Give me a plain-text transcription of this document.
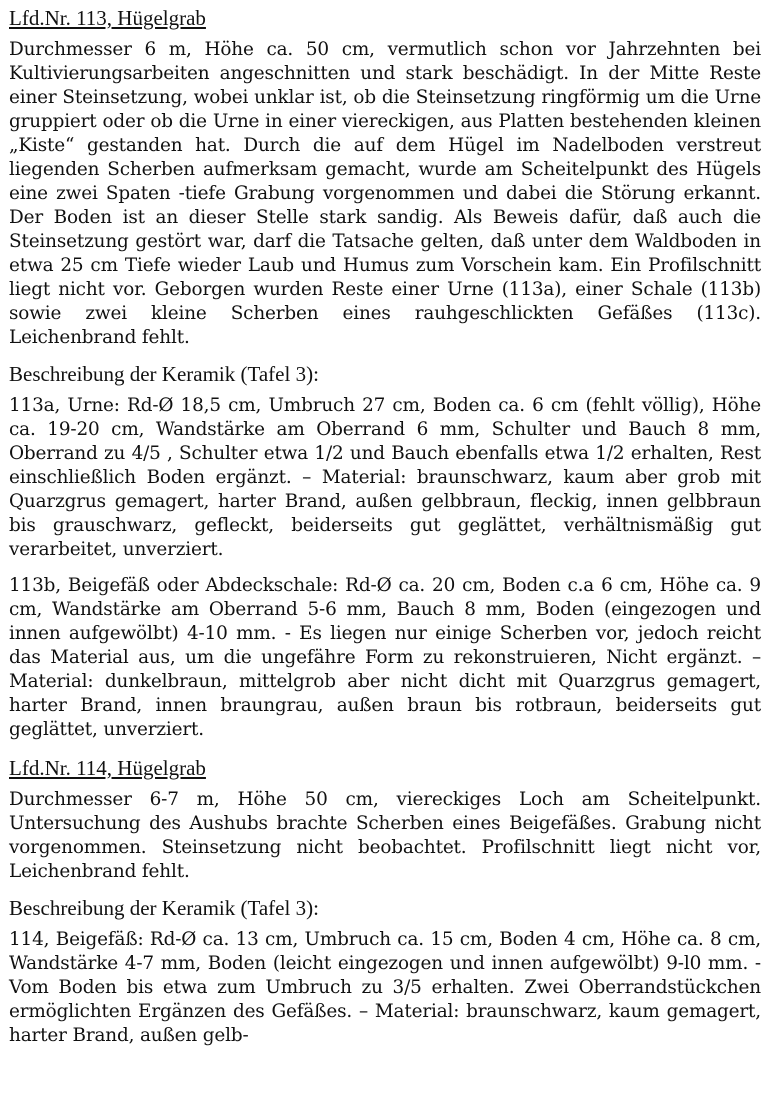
Lfd.Nr. 113, Hügelgrab

Durchmesser 6 m, Höhe ca. 50 cm, vermutlich schon vor Jahrzehnten bei Kultivierungsarbeiten angeschnitten und stark beschädigt. In der Mitte Reste einer Steinsetzung, wobei unklar ist, ob die Steinsetzung ringförmig um die Urne gruppiert oder ob die Urne in einer viereckigen, aus Platten bestehenden kleinen „Kiste“ gestanden hat. Durch die auf dem Hügel im Nadelboden verstreut liegenden Scherben aufmerksam gemacht, wurde am Scheitelpunkt des Hügels eine zwei Spaten ‐tiefe Grabung vorgenommen und dabei die Störung erkannt. Der Boden ist an dieser Stelle stark sandig. Als Beweis dafür, daß auch die Steinsetzung gestört war, darf die Tatsache gelten, daß unter dem Waldboden in etwa 25 cm Tiefe wieder Laub und Humus zum Vorschein kam. Ein Profilschnitt liegt nicht vor. Geborgen wurden Reste einer Urne (113a), einer Schale (113b) sowie zwei kleine Scherben eines rauhgeschlickten Gefäßes (113c). Leichenbrand fehlt.

Beschreibung der Keramik (Tafel 3):

113a, Urne: Rd-Ø 18,5 cm, Umbruch 27 cm, Boden ca. 6 cm (fehlt völlig), Höhe ca. 19-20 cm, Wandstärke am Oberrand 6 mm, Schulter und Bauch 8 mm, Oberrand zu 4/5 , Schulter etwa 1/2 und Bauch ebenfalls etwa 1/2 erhalten, Rest einschließlich Boden ergänzt. – Material: braunschwarz, kaum aber grob mit Quarzgrus gemagert, harter Brand, außen gelbbraun, fleckig, innen gelbbraun bis grauschwarz, gefleckt, beiderseits gut geglättet, verhältnismäßig gut verarbeitet, unverziert.

113b, Beigefäß oder Abdeckschale: Rd-Ø ca. 20 cm, Boden c.a 6 cm, Höhe ca. 9 cm, Wandstärke am Oberrand 5-6 mm, Bauch 8 mm, Boden (eingezogen und innen aufgewölbt) 4-10 mm. - Es liegen nur einige Scherben vor, jedoch reicht das Material aus, um die ungefähre Form zu rekonstruieren, Nicht ergänzt. – Material: dunkelbraun, mittelgrob aber nicht dicht mit Quarzgrus gemagert, harter Brand, innen braungrau, außen braun bis rotbraun, beiderseits gut geglättet, unverziert.

Lfd.Nr. 114, Hügelgrab

Durchmesser 6-7 m, Höhe 50 cm, viereckiges Loch am Scheitelpunkt. Untersuchung des Aushubs brachte Scherben eines Beigefäßes. Grabung nicht vorgenommen. Steinsetzung nicht beobachtet. Profilschnitt liegt nicht vor, Leichenbrand fehlt.

Beschreibung der Keramik (Tafel 3):

114, Beigefäß: Rd-Ø ca. 13 cm, Umbruch ca. 15 cm, Boden 4 cm, Höhe ca. 8 cm, Wandstärke 4-7 mm, Boden (leicht eingezogen und innen aufgewölbt) 9-l0 mm. - Vom Boden bis etwa zum Umbruch zu 3/5 erhalten. Zwei Oberrandstückchen ermöglichten Ergänzen des Gefäßes. – Material: braunschwarz, kaum gemagert, harter Brand, außen gelb-
